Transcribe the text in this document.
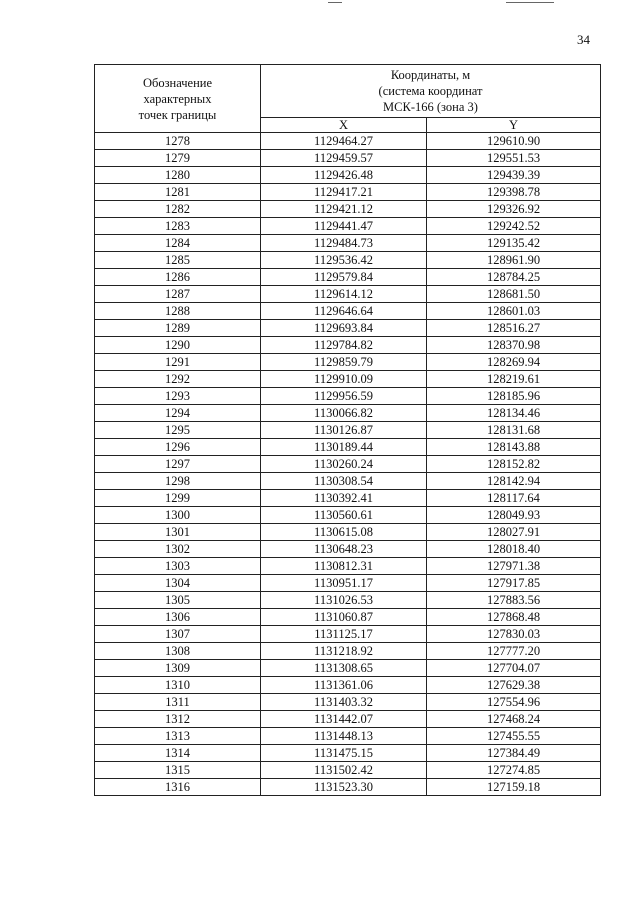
34
Обозначение
характерных
точек границы	Координаты, м
(система координат
МСК-166 (зона 3)	
	X	Y
1278	1129464.27	129610.90
1279	1129459.57	129551.53
1280	1129426.48	129439.39
1281	1129417.21	129398.78
1282	1129421.12	129326.92
1283	1129441.47	129242.52
1284	1129484.73	129135.42
1285	1129536.42	128961.90
1286	1129579.84	128784.25
1287	1129614.12	128681.50
1288	1129646.64	128601.03
1289	1129693.84	128516.27
1290	1129784.82	128370.98
1291	1129859.79	128269.94
1292	1129910.09	128219.61
1293	1129956.59	128185.96
1294	1130066.82	128134.46
1295	1130126.87	128131.68
1296	1130189.44	128143.88
1297	1130260.24	128152.82
1298	1130308.54	128142.94
1299	1130392.41	128117.64
1300	1130560.61	128049.93
1301	1130615.08	128027.91
1302	1130648.23	128018.40
1303	1130812.31	127971.38
1304	1130951.17	127917.85
1305	1131026.53	127883.56
1306	1131060.87	127868.48
1307	1131125.17	127830.03
1308	1131218.92	127777.20
1309	1131308.65	127704.07
1310	1131361.06	127629.38
1311	1131403.32	127554.96
1312	1131442.07	127468.24
1313	1131448.13	127455.55
1314	1131475.15	127384.49
1315	1131502.42	127274.85
1316	1131523.30	127159.18
